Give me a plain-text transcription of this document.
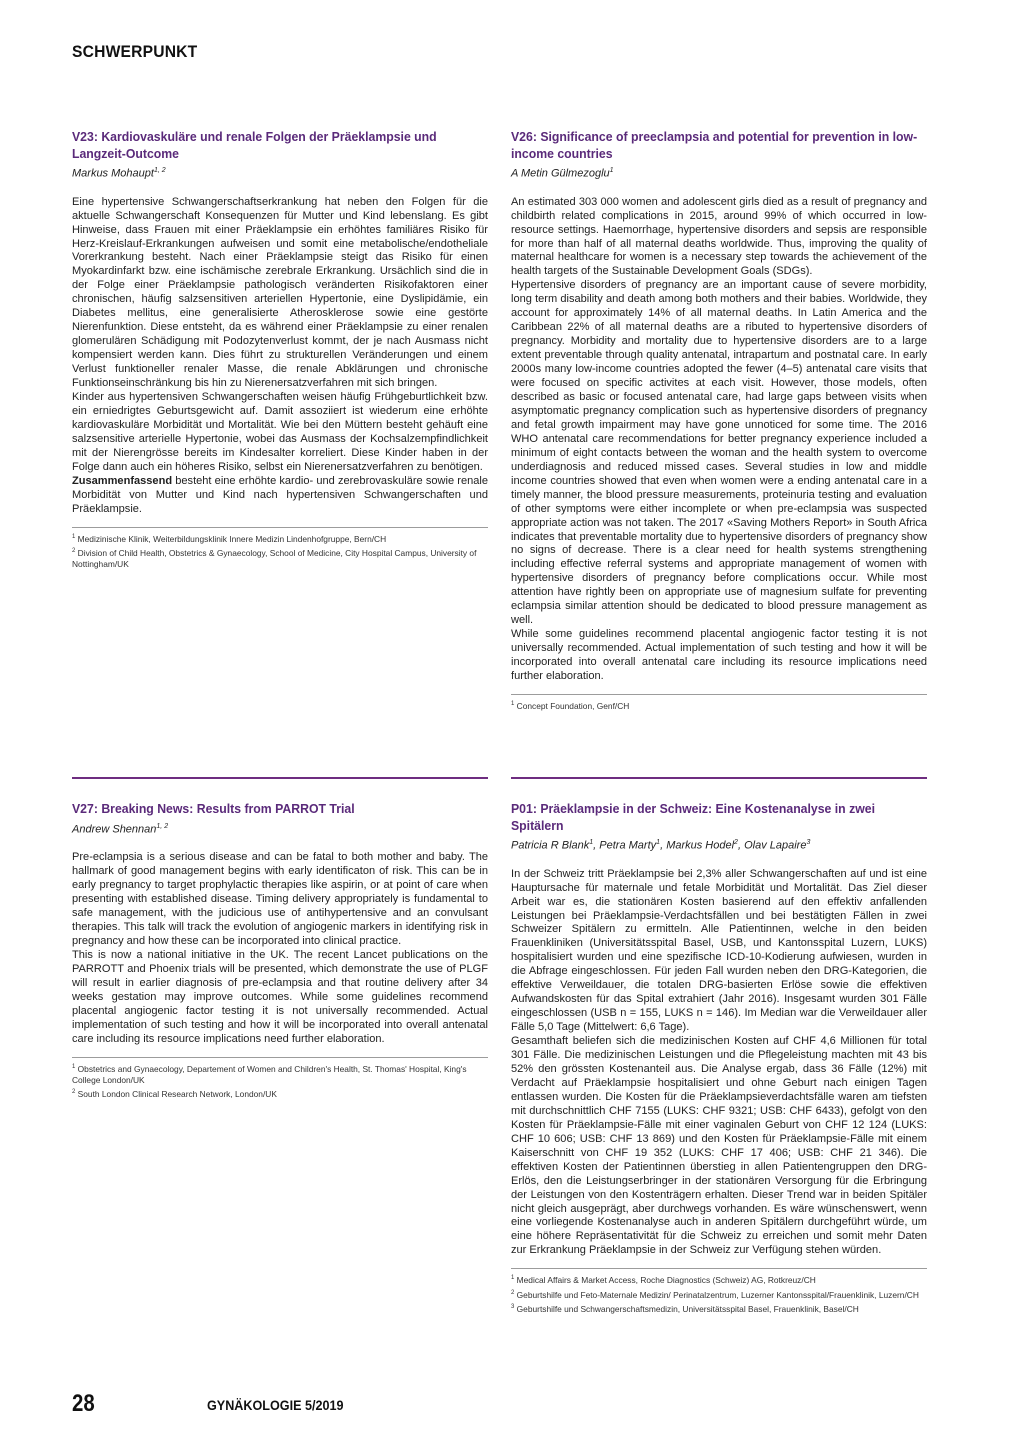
SCHWERPUNKT
V23: Kardiovaskuläre und renale Folgen der Präeklampsie und Langzeit-Outcome

Markus Mohaupt$^{1, 2}$

Eine hypertensive Schwangerschaftserkrankung hat neben den Folgen für die aktuelle Schwangerschaft Konsequenzen für Mutter und Kind lebenslang. Es gibt Hinweise, dass Frauen mit einer Präeklampsie ein erhöhtes familiäres Risiko für Herz-Kreislauf-Erkrankungen aufweisen und somit eine metabolische/endotheliale Vorerkrankung besteht. Nach einer Präeklampsie steigt das Risiko für einen Myokardinfarkt bzw. eine ischämische zerebrale Erkrankung. Ursächlich sind die in der Folge einer Präeklampsie pathologisch veränderten Risikofaktoren einer chronischen, häufig salzsensitiven arteriellen Hypertonie, eine Dyslipidämie, ein Diabetes mellitus, eine generalisierte Atherosklerose sowie eine gestörte Nierenfunktion. Diese entsteht, da es während einer Präeklampsie zu einer renalen glomerulären Schädigung mit Podozytenverlust kommt, der je nach Ausmass nicht kompensiert werden kann. Dies führt zu strukturellen Veränderungen und einem Verlust funktioneller renaler Masse, die renale Abklärungen und chronische Funktionseinschränkung bis hin zu Nierenersatzverfahren mit sich bringen.

Kinder aus hypertensiven Schwangerschaften weisen häufig Frühgeburtlichkeit bzw. ein erniedrigtes Geburtsgewicht auf. Damit assoziiert ist wiederum eine erhöhte kardiovaskuläre Morbidität und Mortalität. Wie bei den Müttern besteht gehäuft eine salzsensitive arterielle Hypertonie, wobei das Ausmass der Kochsalzempfindlichkeit mit der Nierengrösse bereits im Kindesalter korreliert. Diese Kinder haben in der Folge dann auch ein höheres Risiko, selbst ein Nierenersatzverfahren zu benötigen.

Zusammenfassend besteht eine erhöhte kardio- und zerebrovaskuläre sowie renale Morbidität von Mutter und Kind nach hypertensiven Schwangerschaften und Präeklampsie.

$^1$ Medizinische Klinik, Weiterbildungsklinik Innere Medizin Lindenhofgruppe, Bern/CH

$^2$ Division of Child Health, Obstetrics & Gynaecology, School of Medicine, City Hospital Campus, University of Nottingham/UK

V26: Significance of preeclampsia and potential for prevention in low-income countries

A Metin Gülmezoglu$^1$

An estimated 303 000 women and adolescent girls died as a result of pregnancy and childbirth related complications in 2015, around 99% of which occurred in low-resource settings. Haemorrhage, hypertensive disorders and sepsis are responsible for more than half of all maternal deaths worldwide. Thus, improving the quality of maternal healthcare for women is a necessary step towards the achievement of the health targets of the Sustainable Development Goals (SDGs).

Hypertensive disorders of pregnancy are an important cause of severe morbidity, long term disability and death among both mothers and their babies. Worldwide, they account for approximately 14% of all maternal deaths. In Latin America and the Caribbean 22% of all maternal deaths are a ributed to hypertensive disorders of pregnancy. Morbidity and mortality due to hypertensive disorders are to a large extent preventable through quality antenatal, intrapartum and postnatal care. In early 2000s many low-income countries adopted the fewer (4–5) antenatal care visits that were focused on specific activites at each visit. However, those models, often described as basic or focused antenatal care, had large gaps between visits when asymptomatic pregnancy complication such as hypertensive disorders of pregnancy and fetal growth impairment may have gone unnoticed for some time. The 2016 WHO antenatal care recommendations for better pregnancy experience included a minimum of eight contacts between the woman and the health system to overcome underdiagnosis and reduced missed cases. Several studies in low and middle income countries showed that even when women were a ending antenatal care in a timely manner, the blood pressure measurements, proteinuria testing and evaluation of other symptoms were either incomplete or when pre-eclampsia was suspected appropriate action was not taken. The 2017 «Saving Mothers Report» in South Africa indicates that preventable mortality due to hypertensive disorders of pregnancy show no signs of decrease. There is a clear need for health systems strengthening including effective referral systems and appropriate management of women with hypertensive disorders of pregnancy before complications occur. While most attention have rightly been on appropriate use of magnesium sulfate for preventing eclampsia similar attention should be dedicated to blood pressure management as well.

While some guidelines recommend placental angiogenic factor testing it is not universally recommended. Actual implementation of such testing and how it will be incorporated into overall antenatal care including its resource implications need further elaboration.

$^1$ Concept Foundation, Genf/CH

V27: Breaking News: Results from PARROT Trial

Andrew Shennan$^{1, 2}$

Pre-eclampsia is a serious disease and can be fatal to both mother and baby. The hallmark of good management begins with early identificaton of risk. This can be in early pregnancy to target prophylactic therapies like aspirin, or at point of care when presenting with established disease. Timing delivery appropriately is fundamental to safe management, with the judicious use of antihypertensive and an convulsant therapies. This talk will track the evolution of angiogenic markers in identifying risk in pregnancy and how these can be incorporated into clinical practice.

This is now a national initiative in the UK. The recent Lancet publications on the PARROTT and Phoenix trials will be presented, which demonstrate the use of PLGF will result in earlier diagnosis of pre-eclampsia and that routine delivery after 34 weeks gestation may improve outcomes. While some guidelines recommend placental angiogenic factor testing it is not universally recommended. Actual implementation of such testing and how it will be incorporated into overall antenatal care including its resource implications need further elaboration.

$^1$ Obstetrics and Gynaecology, Departement of Women and Children's Health, St. Thomas' Hospital, King's College London/UK

$^2$ South London Clinical Research Network, London/UK

P01: Präeklampsie in der Schweiz: Eine Kostenanalyse in zwei Spitälern

Patricia R Blank$^1$, Petra Marty$^1$, Markus Hodel$^2$, Olav Lapaire$^3$

In der Schweiz tritt Präeklampsie bei 2,3% aller Schwangerschaften auf und ist eine Hauptursache für maternale und fetale Morbidität und Mortalität. Das Ziel dieser Arbeit war es, die stationären Kosten basierend auf den effektiv anfallenden Leistungen bei Präeklampsie-Verdachtsfällen und bei bestätigten Fällen in zwei Schweizer Spitälern zu ermitteln. Alle Patientinnen, welche in den beiden Frauenkliniken (Universitätsspital Basel, USB, und Kantonsspital Luzern, LUKS) hospitalisiert wurden und eine spezifische ICD-10-Kodierung aufwiesen, wurden in die Abfrage eingeschlossen. Für jeden Fall wurden neben den DRG-Kategorien, die effektive Verweildauer, die totalen DRG-basierten Erlöse sowie die effektiven Aufwandskosten für das Spital extrahiert (Jahr 2016). Insgesamt wurden 301 Fälle eingeschlossen (USB n = 155, LUKS n = 146). Im Median war die Verweildauer aller Fälle 5,0 Tage (Mittelwert: 6,6 Tage).

Gesamthaft beliefen sich die medizinischen Kosten auf CHF 4,6 Millionen für total 301 Fälle. Die medizinischen Leistungen und die Pflegeleistung machten mit 43 bis 52% den grössten Kostenanteil aus. Die Analyse ergab, dass 36 Fälle (12%) mit Verdacht auf Präeklampsie hospitalisiert und ohne Geburt nach einigen Tagen entlassen wurden. Die Kosten für die Präeklampsieverdachtsfälle waren am tiefsten mit durchschnittlich CHF 7155 (LUKS: CHF 9321; USB: CHF 6433), gefolgt von den Kosten für Präeklampsie-Fälle mit einer vaginalen Geburt von CHF 12 124 (LUKS: CHF 10 606; USB: CHF 13 869) und den Kosten für Präeklampsie-Fälle mit einem Kaiserschnitt von CHF 19 352 (LUKS: CHF 17 406; USB: CHF 21 346). Die effektiven Kosten der Patientinnen überstieg in allen Patientengruppen den DRG-Erlös, den die Leistungserbringer in der stationären Versorgung für die Erbringung der Leistungen von den Kostenträgern erhalten. Dieser Trend war in beiden Spitäler nicht gleich ausgeprägt, aber durchwegs vorhanden. Es wäre wünschenswert, wenn eine vorliegende Kostenanalyse auch in anderen Spitälern durchgeführt würde, um eine höhere Repräsentativität für die Schweiz zu erreichen und somit mehr Daten zur Erkrankung Präeklampsie in der Schweiz zur Verfügung stehen würden.

$^1$ Medical Affairs & Market Access, Roche Diagnostics (Schweiz) AG, Rotkreuz/CH

$^2$ Geburtshilfe und Feto-Maternale Medizin/ Perinatalzentrum, Luzerner Kantonsspital/Frauenklinik, Luzern/CH

$^3$ Geburtshilfe und Schwangerschaftsmedizin, Universitätsspital Basel, Frauenklinik, Basel/CH

28	GYNÄKOLOGIE 5/2019
